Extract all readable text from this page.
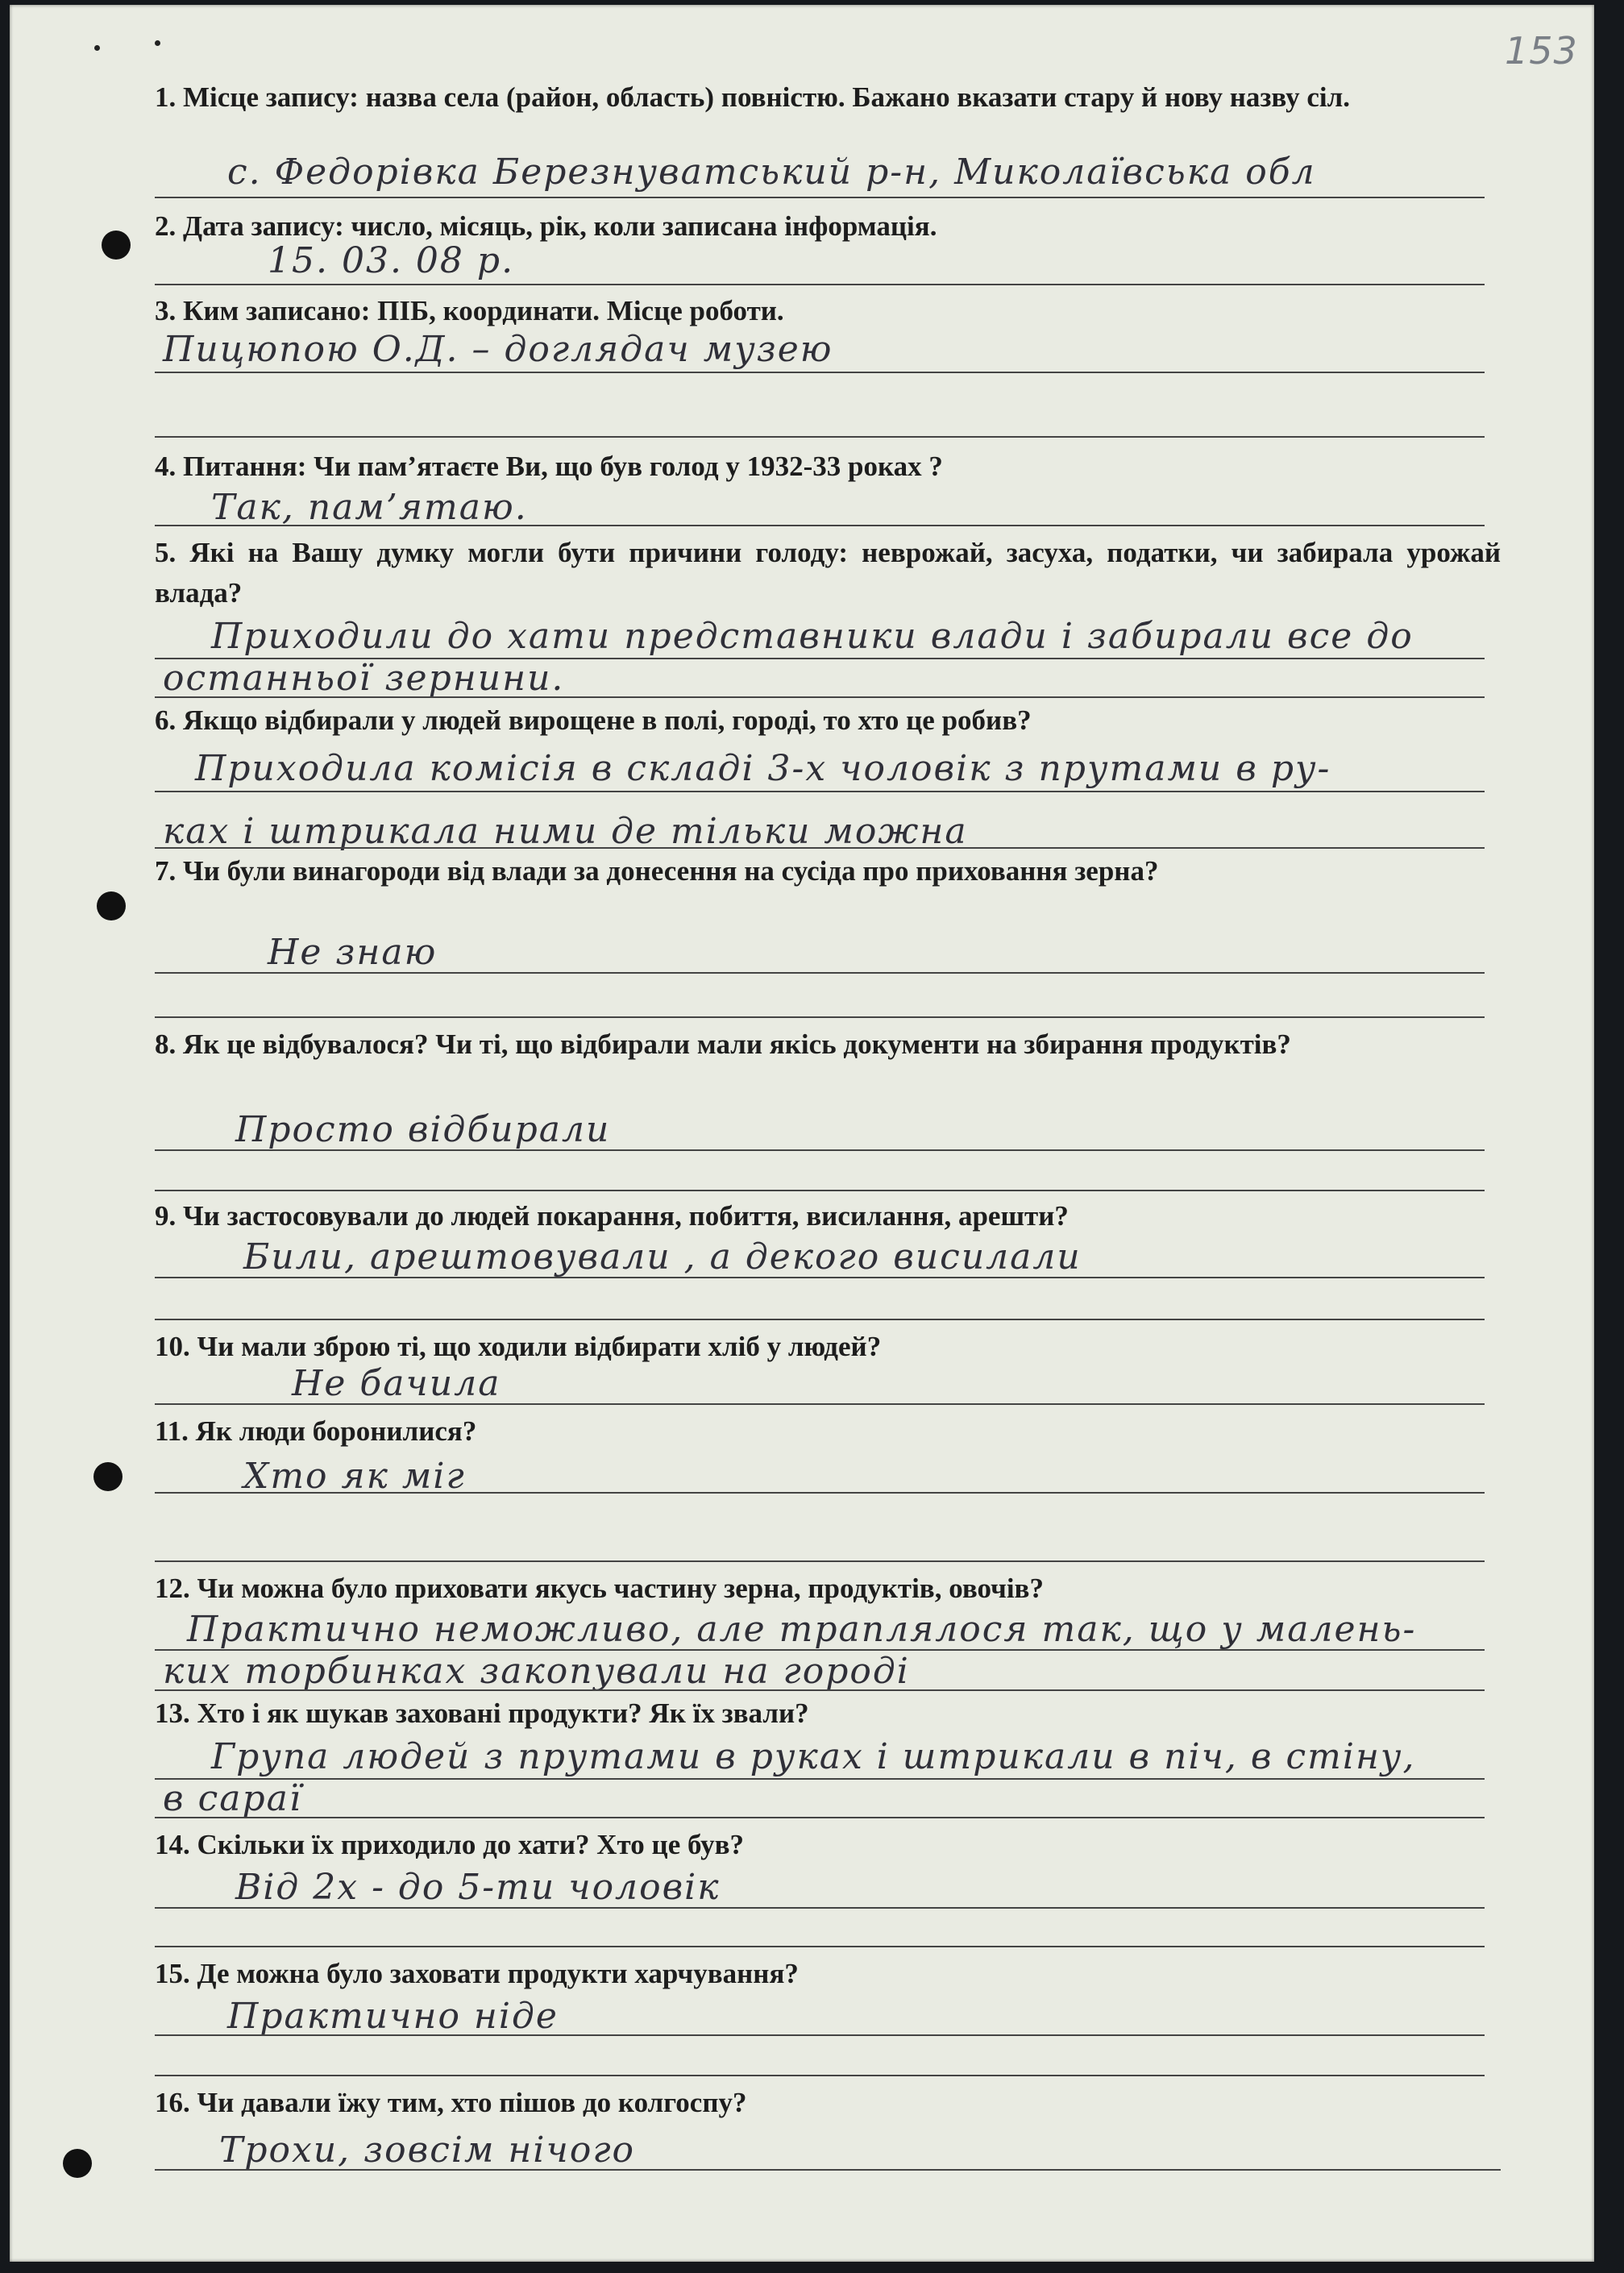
153
1. Місце запису: назва села (район, область) повністю. Бажано вказати стару й нову назву сіл.
с. Федорівка Березнуватський р-н, Миколаївська обл
2. Дата запису: число, місяць, рік, коли записана інформація.
15. 03. 08 р.
3. Ким записано: ПІБ, координати. Місце роботи.
Пицюпою О.Д. – доглядач музею
4. Питання: Чи пам’ятаєте Ви, що був голод у 1932-33 роках ?
Так, пам’ятаю.
5. Які на Вашу думку могли бути причини голоду: неврожай, засуха, податки, чи забирала урожай влада?
Приходили до хати представники влади і забирали все до
останньої зернини.
6. Якщо відбирали у людей вирощене в полі, городі, то хто це робив?
Приходила комісія в складі 3-х чоловік з прутами в ру-
ках і штрикала ними де тільки можна
7. Чи були винагороди від влади за донесення на сусіда про приховання зерна?
Не знаю
8. Як це відбувалося? Чи ті, що відбирали мали якісь документи на збирання продуктів?
Просто відбирали
9. Чи застосовували до людей покарання, побиття, висилання, арешти?
Били, арештовували , а декого висилали
10. Чи мали зброю ті, що ходили відбирати хліб у людей?
Не бачила
11. Як люди боронилися?
Хто як міг
12. Чи можна було приховати якусь частину зерна, продуктів, овочів?
Практично неможливо, але траплялося так, що у малень-
ких торбинках закопували на городі
13. Хто і як шукав заховані продукти? Як їх звали?
Група людей з прутами в руках і штрикали в піч, в стіну,
в сараї
14. Скільки їх приходило до хати? Хто це був?
Від 2х - до 5-ти чоловік
15. Де можна було заховати продукти харчування?
Практично ніде
16. Чи давали їжу тим, хто пішов до колгоспу?
Трохи, зовсім нічого
